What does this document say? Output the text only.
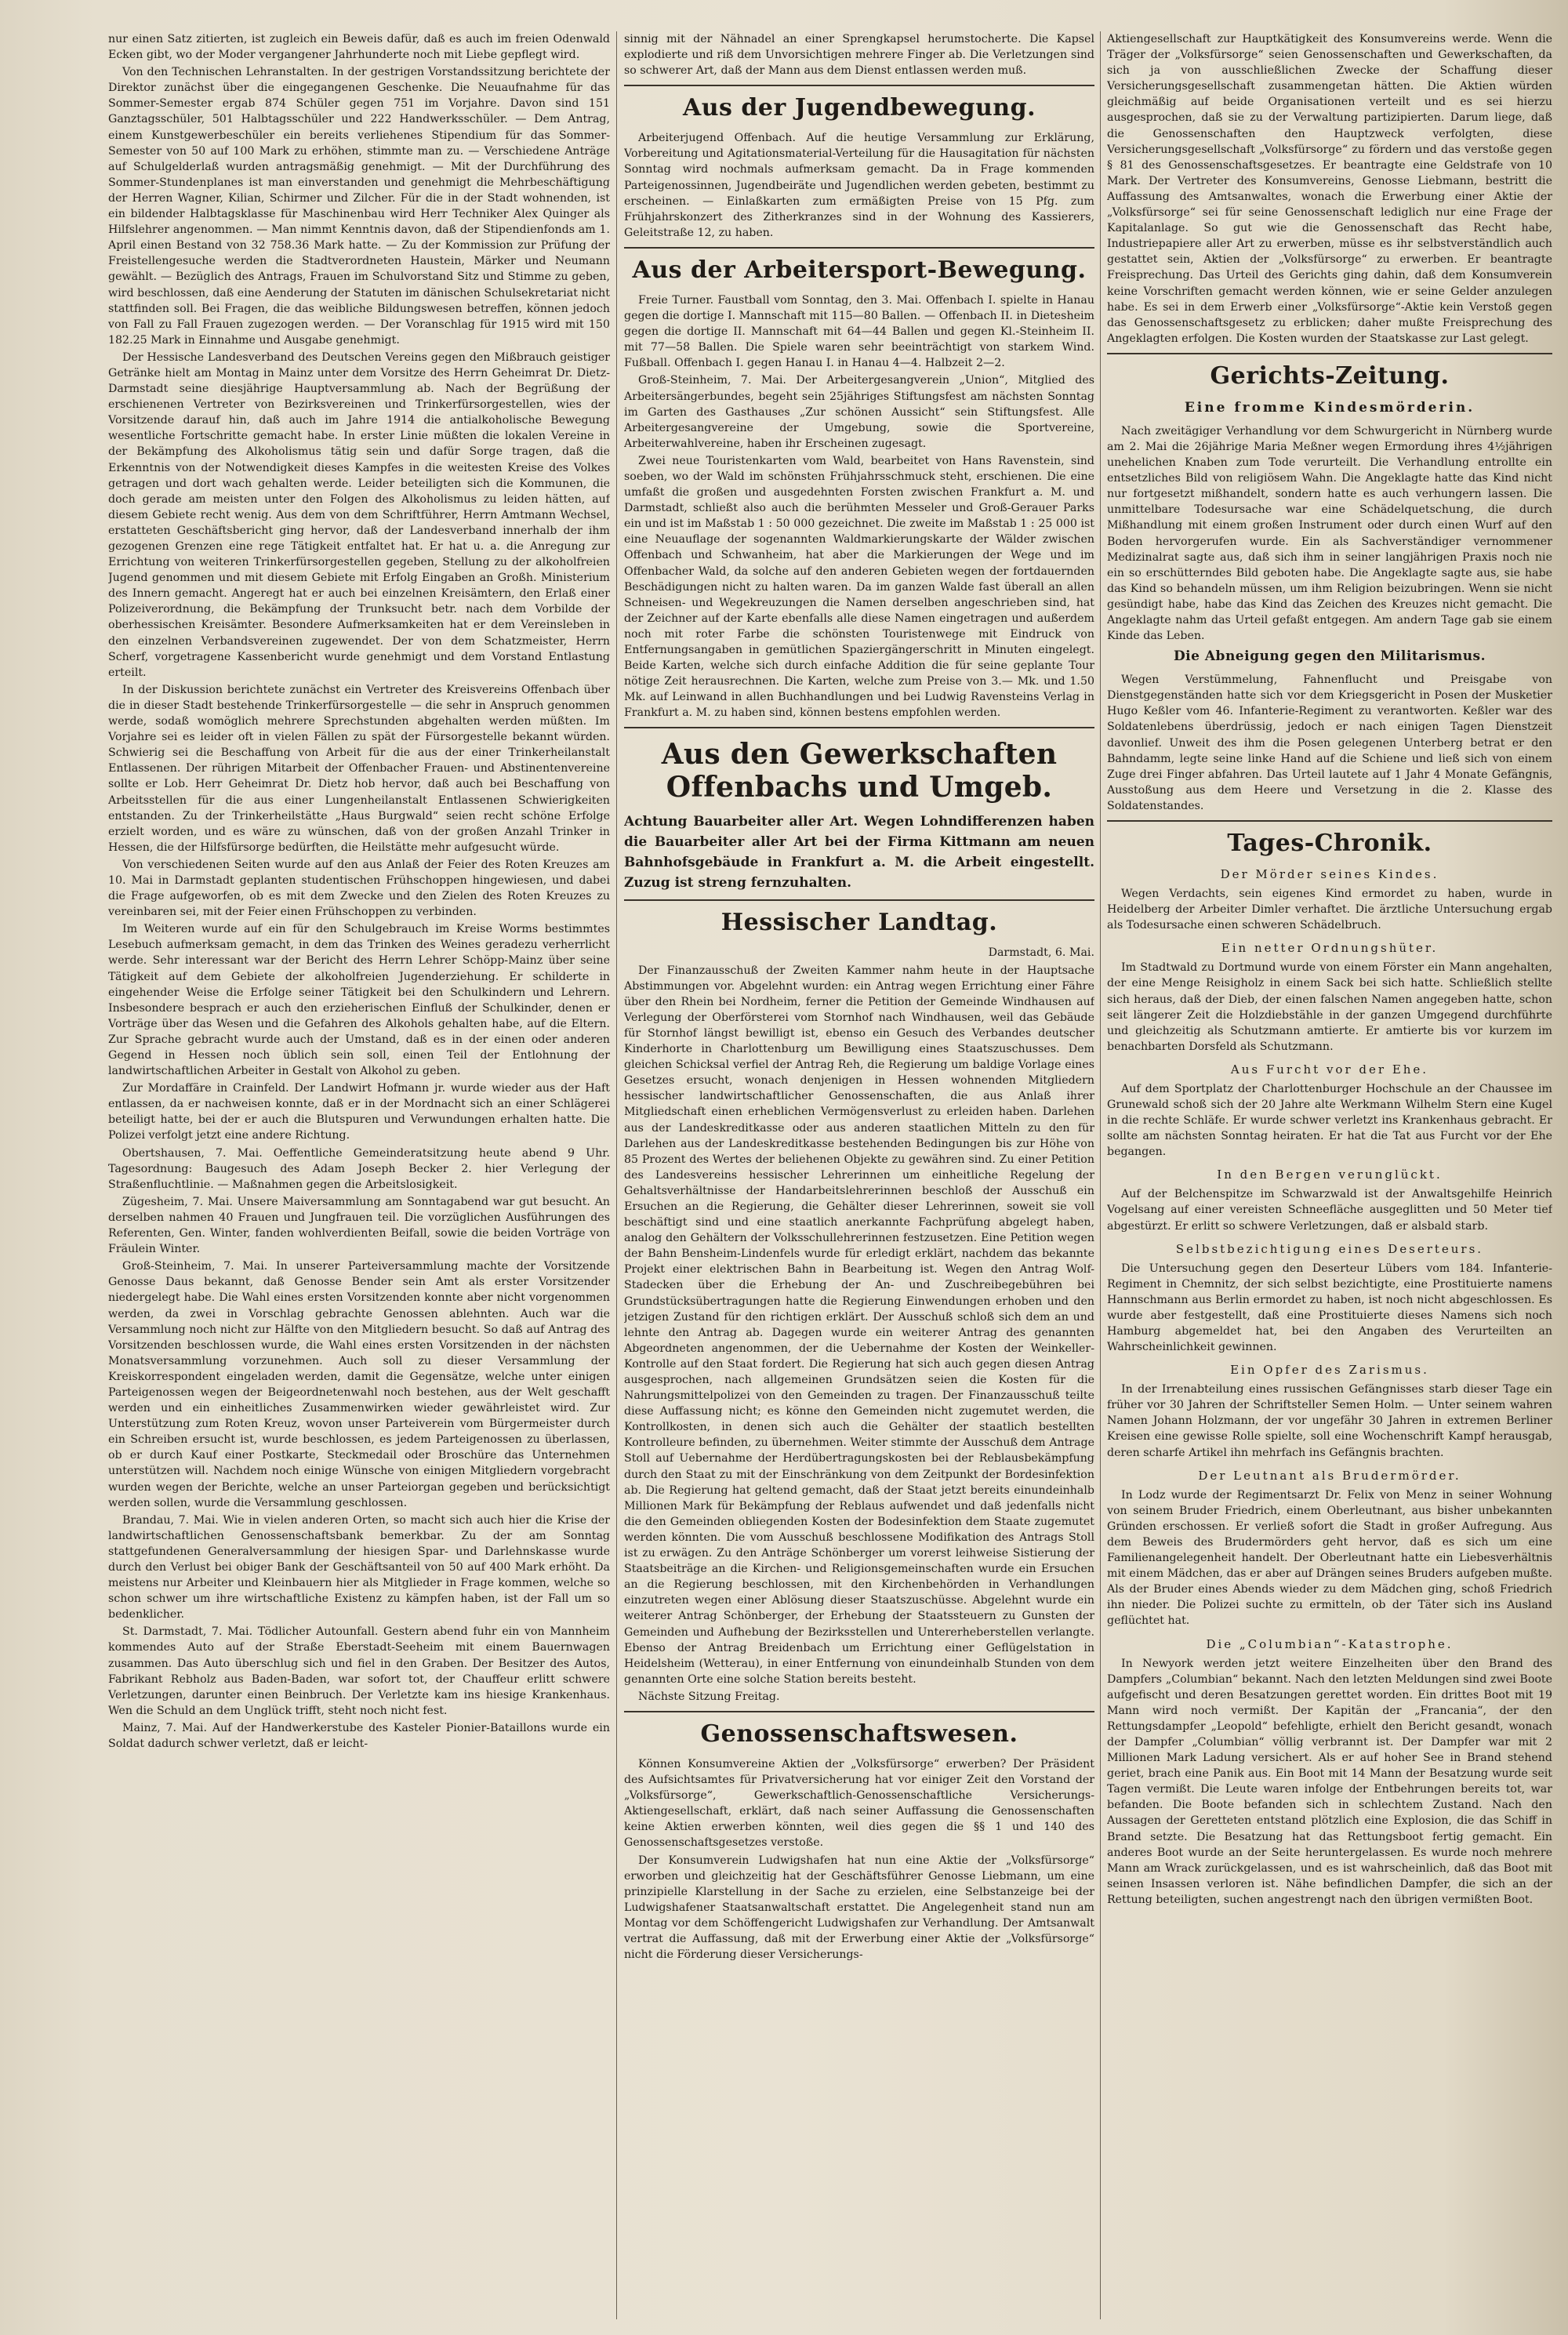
nur einen Satz zitierten, ist zugleich ein Beweis dafür, daß es auch im freien Odenwald Ecken gibt, wo der Moder vergangener Jahrhunderte noch mit Liebe gepflegt wird.

Von den Technischen Lehranstalten. In der gestrigen Vorstandssitzung berichtete der Direktor zunächst über die eingegangenen Geschenke. Die Neuaufnahme für das Sommer-Semester ergab 874 Schüler gegen 751 im Vorjahre. Davon sind 151 Ganztagsschüler, 501 Halbtagsschüler und 222 Handwerksschüler. — Dem Antrag, einem Kunstgewerbeschüler ein bereits verliehenes Stipendium für das Sommer-Semester von 50 auf 100 Mark zu erhöhen, stimmte man zu. — Verschiedene Anträge auf Schulgelderlaß wurden antragsmäßig genehmigt. — Mit der Durchführung des Sommer-Stundenplanes ist man einverstanden und genehmigt die Mehrbeschäftigung der Herren Wagner, Kilian, Schirmer und Zilcher. Für die in der Stadt wohnenden, ist ein bildender Halbtagsklasse für Maschinenbau wird Herr Techniker Alex Quinger als Hilfslehrer angenommen. — Man nimmt Kenntnis davon, daß der Stipendienfonds am 1. April einen Bestand von 32 758.36 Mark hatte. — Zu der Kommission zur Prüfung der Freistellengesuche werden die Stadtverordneten Haustein, Märker und Neumann gewählt. — Bezüglich des Antrags, Frauen im Schulvorstand Sitz und Stimme zu geben, wird beschlossen, daß eine Aenderung der Statuten im dänischen Schulsekretariat nicht stattfinden soll. Bei Fragen, die das weibliche Bildungswesen betreffen, können jedoch von Fall zu Fall Frauen zugezogen werden. — Der Voranschlag für 1915 wird mit 150 182.25 Mark in Einnahme und Ausgabe genehmigt.

Der Hessische Landesverband des Deutschen Vereins gegen den Mißbrauch geistiger Getränke hielt am Montag in Mainz unter dem Vorsitze des Herrn Geheimrat Dr. Dietz-Darmstadt seine diesjährige Hauptversammlung ab. Nach der Begrüßung der erschienenen Vertreter von Bezirksvereinen und Trinkerfürsorgestellen, wies der Vorsitzende darauf hin, daß auch im Jahre 1914 die antialkoholische Bewegung wesentliche Fortschritte gemacht habe. In erster Linie müßten die lokalen Vereine in der Bekämpfung des Alkoholismus tätig sein und dafür Sorge tragen, daß die Erkenntnis von der Notwendigkeit dieses Kampfes in die weitesten Kreise des Volkes getragen und dort wach gehalten werde. Leider beteiligten sich die Kommunen, die doch gerade am meisten unter den Folgen des Alkoholismus zu leiden hätten, auf diesem Gebiete recht wenig. Aus dem von dem Schriftführer, Herrn Amtmann Wechsel, erstatteten Geschäftsbericht ging hervor, daß der Landesverband innerhalb der ihm gezogenen Grenzen eine rege Tätigkeit entfaltet hat. Er hat u. a. die Anregung zur Errichtung von weiteren Trinkerfürsorgestellen gegeben, Stellung zu der alkoholfreien Jugend genommen und mit diesem Gebiete mit Erfolg Eingaben an Großh. Ministerium des Innern gemacht. Angeregt hat er auch bei einzelnen Kreisämtern, den Erlaß einer Polizeiverordnung, die Bekämpfung der Trunksucht betr. nach dem Vorbilde der oberhessischen Kreisämter. Besondere Aufmerksamkeiten hat er dem Vereinsleben in den einzelnen Verbandsvereinen zugewendet. Der von dem Schatzmeister, Herrn Scherf, vorgetragene Kassenbericht wurde genehmigt und dem Vorstand Entlastung erteilt.

In der Diskussion berichtete zunächst ein Vertreter des Kreisvereins Offenbach über die in dieser Stadt bestehende Trinkerfürsorgestelle — die sehr in Anspruch genommen werde, sodaß womöglich mehrere Sprechstunden abgehalten werden müßten. Im Vorjahre sei es leider oft in vielen Fällen zu spät der Fürsorgestelle bekannt würden. Schwierig sei die Beschaffung von Arbeit für die aus der einer Trinkerheilanstalt Entlassenen. Der rührigen Mitarbeit der Offenbacher Frauen- und Abstinentenvereine sollte er Lob. Herr Geheimrat Dr. Dietz hob hervor, daß auch bei Beschaffung von Arbeitsstellen für die aus einer Lungenheilanstalt Entlassenen Schwierigkeiten entstanden. Zu der Trinkerheilstätte „Haus Burgwald“ seien recht schöne Erfolge erzielt worden, und es wäre zu wünschen, daß von der großen Anzahl Trinker in Hessen, die der Hilfsfürsorge bedürften, die Heilstätte mehr aufgesucht würde.

Von verschiedenen Seiten wurde auf den aus Anlaß der Feier des Roten Kreuzes am 10. Mai in Darmstadt geplanten studentischen Frühschoppen hingewiesen, und dabei die Frage aufgeworfen, ob es mit dem Zwecke und den Zielen des Roten Kreuzes zu vereinbaren sei, mit der Feier einen Frühschoppen zu verbinden.

Im Weiteren wurde auf ein für den Schulgebrauch im Kreise Worms bestimmtes Lesebuch aufmerksam gemacht, in dem das Trinken des Weines geradezu verherrlicht werde. Sehr interessant war der Bericht des Herrn Lehrer Schöpp-Mainz über seine Tätigkeit auf dem Gebiete der alkoholfreien Jugenderziehung. Er schilderte in eingehender Weise die Erfolge seiner Tätigkeit bei den Schulkindern und Lehrern. Insbesondere besprach er auch den erzieherischen Einfluß der Schulkinder, denen er Vorträge über das Wesen und die Gefahren des Alkohols gehalten habe, auf die Eltern. Zur Sprache gebracht wurde auch der Umstand, daß es in der einen oder anderen Gegend in Hessen noch üblich sein soll, einen Teil der Entlohnung der landwirtschaftlichen Arbeiter in Gestalt von Alkohol zu geben.

Zur Mordaffäre in Crainfeld. Der Landwirt Hofmann jr. wurde wieder aus der Haft entlassen, da er nachweisen konnte, daß er in der Mordnacht sich an einer Schlägerei beteiligt hatte, bei der er auch die Blutspuren und Verwundungen erhalten hatte. Die Polizei verfolgt jetzt eine andere Richtung.

Obertshausen, 7. Mai. Oeffentliche Gemeinderatsitzung heute abend 9 Uhr. Tagesordnung: Baugesuch des Adam Joseph Becker 2. hier Verlegung der Straßenfluchtlinie. — Maßnahmen gegen die Arbeitslosigkeit.

Zügesheim, 7. Mai. Unsere Maiversammlung am Sonntagabend war gut besucht. An derselben nahmen 40 Frauen und Jungfrauen teil. Die vorzüglichen Ausführungen des Referenten, Gen. Winter, fanden wohlverdienten Beifall, sowie die beiden Vorträge von Fräulein Winter.

Groß-Steinheim, 7. Mai. In unserer Parteiversammlung machte der Vorsitzende Genosse Daus bekannt, daß Genosse Bender sein Amt als erster Vorsitzender niedergelegt habe. Die Wahl eines ersten Vorsitzenden konnte aber nicht vorgenommen werden, da zwei in Vorschlag gebrachte Genossen ablehnten. Auch war die Versammlung noch nicht zur Hälfte von den Mitgliedern besucht. So daß auf Antrag des Vorsitzenden beschlossen wurde, die Wahl eines ersten Vorsitzenden in der nächsten Monatsversammlung vorzunehmen. Auch soll zu dieser Versammlung der Kreiskorrespondent eingeladen werden, damit die Gegensätze, welche unter einigen Parteigenossen wegen der Beigeordnetenwahl noch bestehen, aus der Welt geschafft werden und ein einheitliches Zusammenwirken wieder gewährleistet wird. Zur Unterstützung zum Roten Kreuz, wovon unser Parteiverein vom Bürgermeister durch ein Schreiben ersucht ist, wurde beschlossen, es jedem Parteigenossen zu überlassen, ob er durch Kauf einer Postkarte, Steckmedail oder Broschüre das Unternehmen unterstützen will. Nachdem noch einige Wünsche von einigen Mitgliedern vorgebracht wurden wegen der Berichte, welche an unser Parteiorgan gegeben und berücksichtigt werden sollen, wurde die Versammlung geschlossen.

Brandau, 7. Mai. Wie in vielen anderen Orten, so macht sich auch hier die Krise der landwirtschaftlichen Genossenschaftsbank bemerkbar. Zu der am Sonntag stattgefundenen Generalversammlung der hiesigen Spar- und Darlehnskasse wurde durch den Verlust bei obiger Bank der Geschäftsanteil von 50 auf 400 Mark erhöht. Da meistens nur Arbeiter und Kleinbauern hier als Mitglieder in Frage kommen, welche so schon schwer um ihre wirtschaftliche Existenz zu kämpfen haben, ist der Fall um so bedenklicher.

St. Darmstadt, 7. Mai. Tödlicher Autounfall. Gestern abend fuhr ein von Mannheim kommendes Auto auf der Straße Eberstadt-Seeheim mit einem Bauernwagen zusammen. Das Auto überschlug sich und fiel in den Graben. Der Besitzer des Autos, Fabrikant Rebholz aus Baden-Baden, war sofort tot, der Chauffeur erlitt schwere Verletzungen, darunter einen Beinbruch. Der Verletzte kam ins hiesige Krankenhaus. Wen die Schuld an dem Unglück trifft, steht noch nicht fest.

Mainz, 7. Mai. Auf der Handwerkerstube des Kasteler Pionier-Bataillons wurde ein Soldat dadurch schwer verletzt, daß er leicht-

sinnig mit der Nähnadel an einer Sprengkapsel herumstocherte. Die Kapsel explodierte und riß dem Unvorsichtigen mehrere Finger ab. Die Verletzungen sind so schwerer Art, daß der Mann aus dem Dienst entlassen werden muß.

Aus der Jugendbewegung.

Arbeiterjugend Offenbach. Auf die heutige Versammlung zur Erklärung, Vorbereitung und Agitationsmaterial-Verteilung für die Hausagitation für nächsten Sonntag wird nochmals aufmerksam gemacht. Da in Frage kommenden Parteigenossinnen, Jugendbeiräte und Jugendlichen werden gebeten, bestimmt zu erscheinen. — Einlaßkarten zum ermäßigten Preise von 15 Pfg. zum Frühjahrskonzert des Zitherkranzes sind in der Wohnung des Kassierers, Geleitstraße 12, zu haben.

Aus der Arbeitersport-Bewegung.

Freie Turner. Faustball vom Sonntag, den 3. Mai. Offenbach I. spielte in Hanau gegen die dortige I. Mannschaft mit 115—80 Ballen. — Offenbach II. in Dietesheim gegen die dortige II. Mannschaft mit 64—44 Ballen und gegen Kl.-Steinheim II. mit 77—58 Ballen. Die Spiele waren sehr beeinträchtigt von starkem Wind. Fußball. Offenbach I. gegen Hanau I. in Hanau 4—4. Halbzeit 2—2.

Groß-Steinheim, 7. Mai. Der Arbeitergesangverein „Union“, Mitglied des Arbeitersängerbundes, begeht sein 25jähriges Stiftungsfest am nächsten Sonntag im Garten des Gasthauses „Zur schönen Aussicht“ sein Stiftungsfest. Alle Arbeitergesangvereine der Umgebung, sowie die Sportvereine, Arbeiterwahlvereine, haben ihr Erscheinen zugesagt.

Zwei neue Touristenkarten vom Wald, bearbeitet von Hans Ravenstein, sind soeben, wo der Wald im schönsten Frühjahrsschmuck steht, erschienen. Die eine umfaßt die großen und ausgedehnten Forsten zwischen Frankfurt a. M. und Darmstadt, schließt also auch die berühmten Messeler und Groß-Gerauer Parks ein und ist im Maßstab 1 : 50 000 gezeichnet. Die zweite im Maßstab 1 : 25 000 ist eine Neuauflage der sogenannten Waldmarkierungskarte der Wälder zwischen Offenbach und Schwanheim, hat aber die Markierungen der Wege und im Offenbacher Wald, da solche auf den anderen Gebieten wegen der fortdauernden Beschädigungen nicht zu halten waren. Da im ganzen Walde fast überall an allen Schneisen- und Wegekreuzungen die Namen derselben angeschrieben sind, hat der Zeichner auf der Karte ebenfalls alle diese Namen eingetragen und außerdem noch mit roter Farbe die schönsten Touristenwege mit Eindruck von Entfernungsangaben in gemütlichen Spaziergängerschritt in Minuten eingelegt. Beide Karten, welche sich durch einfache Addition die für seine geplante Tour nötige Zeit herausrechnen. Die Karten, welche zum Preise von 3.— Mk. und 1.50 Mk. auf Leinwand in allen Buchhandlungen und bei Ludwig Ravensteins Verlag in Frankfurt a. M. zu haben sind, können bestens empfohlen werden.

Aus den Gewerkschaften Offenbachs und Umgeb.

Achtung Bauarbeiter aller Art. Wegen Lohndifferenzen haben die Bauarbeiter aller Art bei der Firma Kittmann am neuen Bahnhofsgebäude in Frankfurt a. M. die Arbeit eingestellt. Zuzug ist streng fernzuhalten.

Hessischer Landtag.

Darmstadt, 6. Mai.

Der Finanzausschuß der Zweiten Kammer nahm heute in der Hauptsache Abstimmungen vor. Abgelehnt wurden: ein Antrag wegen Errichtung einer Fähre über den Rhein bei Nordheim, ferner die Petition der Gemeinde Windhausen auf Verlegung der Oberförsterei vom Stornhof nach Windhausen, weil das Gebäude für Stornhof längst bewilligt ist, ebenso ein Gesuch des Verbandes deutscher Kinderhorte in Charlottenburg um Bewilligung eines Staatszuschusses. Dem gleichen Schicksal verfiel der Antrag Reh, die Regierung um baldige Vorlage eines Gesetzes ersucht, wonach denjenigen in Hessen wohnenden Mitgliedern hessischer landwirtschaftlicher Genossenschaften, die aus Anlaß ihrer Mitgliedschaft einen erheblichen Vermögensverlust zu erleiden haben. Darlehen aus der Landeskreditkasse oder aus anderen staatlichen Mitteln zu den für Darlehen aus der Landeskreditkasse bestehenden Bedingungen bis zur Höhe von 85 Prozent des Wertes der beliehenen Objekte zu gewähren sind. Zu einer Petition des Landesvereins hessischer Lehrerinnen um einheitliche Regelung der Gehaltsverhältnisse der Handarbeitslehrerinnen beschloß der Ausschuß ein Ersuchen an die Regierung, die Gehälter dieser Lehrerinnen, soweit sie voll beschäftigt sind und eine staatlich anerkannte Fachprüfung abgelegt haben, analog den Gehältern der Volksschullehrerinnen festzusetzen. Eine Petition wegen der Bahn Bensheim-Lindenfels wurde für erledigt erklärt, nachdem das bekannte Projekt einer elektrischen Bahn in Bearbeitung ist. Wegen den Antrag Wolf-Stadecken über die Erhebung der An- und Zuschreibegebühren bei Grundstücksübertragungen hatte die Regierung Einwendungen erhoben und den jetzigen Zustand für den richtigen erklärt. Der Ausschuß schloß sich dem an und lehnte den Antrag ab. Dagegen wurde ein weiterer Antrag des genannten Abgeordneten angenommen, der die Uebernahme der Kosten der Weinkeller-Kontrolle auf den Staat fordert. Die Regierung hat sich auch gegen diesen Antrag ausgesprochen, nach allgemeinen Grundsätzen seien die Kosten für die Nahrungsmittelpolizei von den Gemeinden zu tragen. Der Finanzausschuß teilte diese Auffassung nicht; es könne den Gemeinden nicht zugemutet werden, die Kontrollkosten, in denen sich auch die Gehälter der staatlich bestellten Kontrolleure befinden, zu übernehmen. Weiter stimmte der Ausschuß dem Antrage Stoll auf Uebernahme der Herdübertragungskosten bei der Reblausbekämpfung durch den Staat zu mit der Einschränkung von dem Zeitpunkt der Bordesinfektion ab. Die Regierung hat geltend gemacht, daß der Staat jetzt bereits einundeinhalb Millionen Mark für Bekämpfung der Reblaus aufwendet und daß jedenfalls nicht die den Gemeinden obliegenden Kosten der Bodesinfektion dem Staate zugemutet werden könnten. Die vom Ausschuß beschlossene Modifikation des Antrags Stoll ist zu erwägen. Zu den Anträge Schönberger um vorerst leihweise Sistierung der Staatsbeiträge an die Kirchen- und Religionsgemeinschaften wurde ein Ersuchen an die Regierung beschlossen, mit den Kirchenbehörden in Verhandlungen einzutreten wegen einer Ablösung dieser Staatszuschüsse. Abgelehnt wurde ein weiterer Antrag Schönberger, der Erhebung der Staatssteuern zu Gunsten der Gemeinden und Aufhebung der Bezirksstellen und Untererheberstellen verlangte. Ebenso der Antrag Breidenbach um Errichtung einer Geflügelstation in Heidelsheim (Wetterau), in einer Entfernung von einundeinhalb Stunden von dem genannten Orte eine solche Station bereits besteht.

Nächste Sitzung Freitag.

Genossenschaftswesen.

Können Konsumvereine Aktien der „Volksfürsorge“ erwerben? Der Präsident des Aufsichtsamtes für Privatversicherung hat vor einiger Zeit den Vorstand der „Volksfürsorge“, Gewerkschaftlich-Genossenschaftliche Versicherungs-Aktiengesellschaft, erklärt, daß nach seiner Auffassung die Genossenschaften keine Aktien erwerben könnten, weil dies gegen die §§ 1 und 140 des Genossenschaftsgesetzes verstoße.

Der Konsumverein Ludwigshafen hat nun eine Aktie der „Volksfürsorge“ erworben und gleichzeitig hat der Geschäftsführer Genosse Liebmann, um eine prinzipielle Klarstellung in der Sache zu erzielen, eine Selbstanzeige bei der Ludwigshafener Staatsanwaltschaft erstattet. Die Angelegenheit stand nun am Montag vor dem Schöffengericht Ludwigshafen zur Verhandlung. Der Amtsanwalt vertrat die Auffassung, daß mit der Erwerbung einer Aktie der „Volksfürsorge“ nicht die Förderung dieser Versicherungs-

Aktiengesellschaft zur Hauptkätigkeit des Konsumvereins werde. Wenn die Träger der „Volksfürsorge“ seien Genossenschaften und Gewerkschaften, da sich ja von ausschließlichen Zwecke der Schaffung dieser Versicherungsgesellschaft zusammengetan hätten. Die Aktien würden gleichmäßig auf beide Organisationen verteilt und es sei hierzu ausgesprochen, daß sie zu der Verwaltung partizipierten. Darum liege, daß die Genossenschaften den Hauptzweck verfolgten, diese Versicherungsgesellschaft „Volksfürsorge“ zu fördern und das verstoße gegen § 81 des Genossenschaftsgesetzes. Er beantragte eine Geldstrafe von 10 Mark. Der Vertreter des Konsumvereins, Genosse Liebmann, bestritt die Auffassung des Amtsanwaltes, wonach die Erwerbung einer Aktie der „Volksfürsorge“ sei für seine Genossenschaft lediglich nur eine Frage der Kapitalanlage. So gut wie die Genossenschaft das Recht habe, Industriepapiere aller Art zu erwerben, müsse es ihr selbstverständlich auch gestattet sein, Aktien der „Volksfürsorge“ zu erwerben. Er beantragte Freisprechung. Das Urteil des Gerichts ging dahin, daß dem Konsumverein keine Vorschriften gemacht werden können, wie er seine Gelder anzulegen habe. Es sei in dem Erwerb einer „Volksfürsorge“-Aktie kein Verstoß gegen das Genossenschaftsgesetz zu erblicken; daher mußte Freisprechung des Angeklagten erfolgen. Die Kosten wurden der Staatskasse zur Last gelegt.

Gerichts-Zeitung.
Eine fromme Kindesmörderin.

Nach zweitägiger Verhandlung vor dem Schwurgericht in Nürnberg wurde am 2. Mai die 26jährige Maria Meßner wegen Ermordung ihres 4½jährigen unehelichen Knaben zum Tode verurteilt. Die Verhandlung entrollte ein entsetzliches Bild von religiösem Wahn. Die Angeklagte hatte das Kind nicht nur fortgesetzt mißhandelt, sondern hatte es auch verhungern lassen. Die unmittelbare Todesursache war eine Schädelquetschung, die durch Mißhandlung mit einem großen Instrument oder durch einen Wurf auf den Boden hervorgerufen wurde. Ein als Sachverständiger vernommener Medizinalrat sagte aus, daß sich ihm in seiner langjährigen Praxis noch nie ein so erschütterndes Bild geboten habe. Die Angeklagte sagte aus, sie habe das Kind so behandeln müssen, um ihm Religion beizubringen. Wenn sie nicht gesündigt habe, habe das Kind das Zeichen des Kreuzes nicht gemacht. Die Angeklagte nahm das Urteil gefaßt entgegen. Am andern Tage gab sie einem Kinde das Leben.

Die Abneigung gegen den Militarismus.

Wegen Verstümmelung, Fahnenflucht und Preisgabe von Dienstgegenständen hatte sich vor dem Kriegsgericht in Posen der Musketier Hugo Keßler vom 46. Infanterie-Regiment zu verantworten. Keßler war des Soldatenlebens überdrüssig, jedoch er nach einigen Tagen Dienstzeit davonlief. Unweit des ihm die Posen gelegenen Unterberg betrat er den Bahndamm, legte seine linke Hand auf die Schiene und ließ sich von einem Zuge drei Finger abfahren. Das Urteil lautete auf 1 Jahr 4 Monate Gefängnis, Ausstoßung aus dem Heere und Versetzung in die 2. Klasse des Soldatenstandes.

Tages-Chronik.
Der Mörder seines Kindes.

Wegen Verdachts, sein eigenes Kind ermordet zu haben, wurde in Heidelberg der Arbeiter Dimler verhaftet. Die ärztliche Untersuchung ergab als Todesursache einen schweren Schädelbruch.

Ein netter Ordnungshüter.

Im Stadtwald zu Dortmund wurde von einem Förster ein Mann angehalten, der eine Menge Reisigholz in einem Sack bei sich hatte. Schließlich stellte sich heraus, daß der Dieb, der einen falschen Namen angegeben hatte, schon seit längerer Zeit die Holzdiebstähle in der ganzen Umgegend durchführte und gleichzeitig als Schutzmann amtierte. Er amtierte bis vor kurzem im benachbarten Dorsfeld als Schutzmann.

Aus Furcht vor der Ehe.

Auf dem Sportplatz der Charlottenburger Hochschule an der Chaussee im Grunewald schoß sich der 20 Jahre alte Werkmann Wilhelm Stern eine Kugel in die rechte Schläfe. Er wurde schwer verletzt ins Krankenhaus gebracht. Er sollte am nächsten Sonntag heiraten. Er hat die Tat aus Furcht vor der Ehe begangen.

In den Bergen verunglückt.

Auf der Belchenspitze im Schwarzwald ist der Anwaltsgehilfe Heinrich Vogelsang auf einer vereisten Schneefläche ausgeglitten und 50 Meter tief abgestürzt. Er erlitt so schwere Verletzungen, daß er alsbald starb.

Selbstbezichtigung eines Deserteurs.

Die Untersuchung gegen den Deserteur Lübers vom 184. Infanterie-Regiment in Chemnitz, der sich selbst bezichtigte, eine Prostituierte namens Hannschmann aus Berlin ermordet zu haben, ist noch nicht abgeschlossen. Es wurde aber festgestellt, daß eine Prostituierte dieses Namens sich noch Hamburg abgemeldet hat, bei den Angaben des Verurteilten an Wahrscheinlichkeit gewinnen.

Ein Opfer des Zarismus.

In der Irrenabteilung eines russischen Gefängnisses starb dieser Tage ein früher vor 30 Jahren der Schriftsteller Semen Holm. — Unter seinem wahren Namen Johann Holzmann, der vor ungefähr 30 Jahren in extremen Berliner Kreisen eine gewisse Rolle spielte, soll eine Wochenschrift Kampf herausgab, deren scharfe Artikel ihn mehrfach ins Gefängnis brachten.

Der Leutnant als Brudermörder.

In Lodz wurde der Regimentsarzt Dr. Felix von Menz in seiner Wohnung von seinem Bruder Friedrich, einem Oberleutnant, aus bisher unbekannten Gründen erschossen. Er verließ sofort die Stadt in großer Aufregung. Aus dem Beweis des Brudermörders geht hervor, daß es sich um eine Familienangelegenheit handelt. Der Oberleutnant hatte ein Liebesverhältnis mit einem Mädchen, das er aber auf Drängen seines Bruders aufgeben mußte. Als der Bruder eines Abends wieder zu dem Mädchen ging, schoß Friedrich ihn nieder. Die Polizei suchte zu ermitteln, ob der Täter sich ins Ausland geflüchtet hat.

Die „Columbian“-Katastrophe.

In Newyork werden jetzt weitere Einzelheiten über den Brand des Dampfers „Columbian“ bekannt. Nach den letzten Meldungen sind zwei Boote aufgefischt und deren Besatzungen gerettet worden. Ein drittes Boot mit 19 Mann wird noch vermißt. Der Kapitän der „Francania“, der den Rettungsdampfer „Leopold“ befehligte, erhielt den Bericht gesandt, wonach der Dampfer „Columbian“ völlig verbrannt ist. Der Dampfer war mit 2 Millionen Mark Ladung versichert. Als er auf hoher See in Brand stehend geriet, brach eine Panik aus. Ein Boot mit 14 Mann der Besatzung wurde seit Tagen vermißt. Die Leute waren infolge der Entbehrungen bereits tot, war befanden. Die Boote befanden sich in schlechtem Zustand. Nach den Aussagen der Geretteten entstand plötzlich eine Explosion, die das Schiff in Brand setzte. Die Besatzung hat das Rettungsboot fertig gemacht. Ein anderes Boot wurde an der Seite heruntergelassen. Es wurde noch mehrere Mann am Wrack zurückgelassen, und es ist wahrscheinlich, daß das Boot mit seinen Insassen verloren ist. Nähe befindlichen Dampfer, die sich an der Rettung beteiligten, suchen angestrengt nach den übrigen vermißten Boot.
